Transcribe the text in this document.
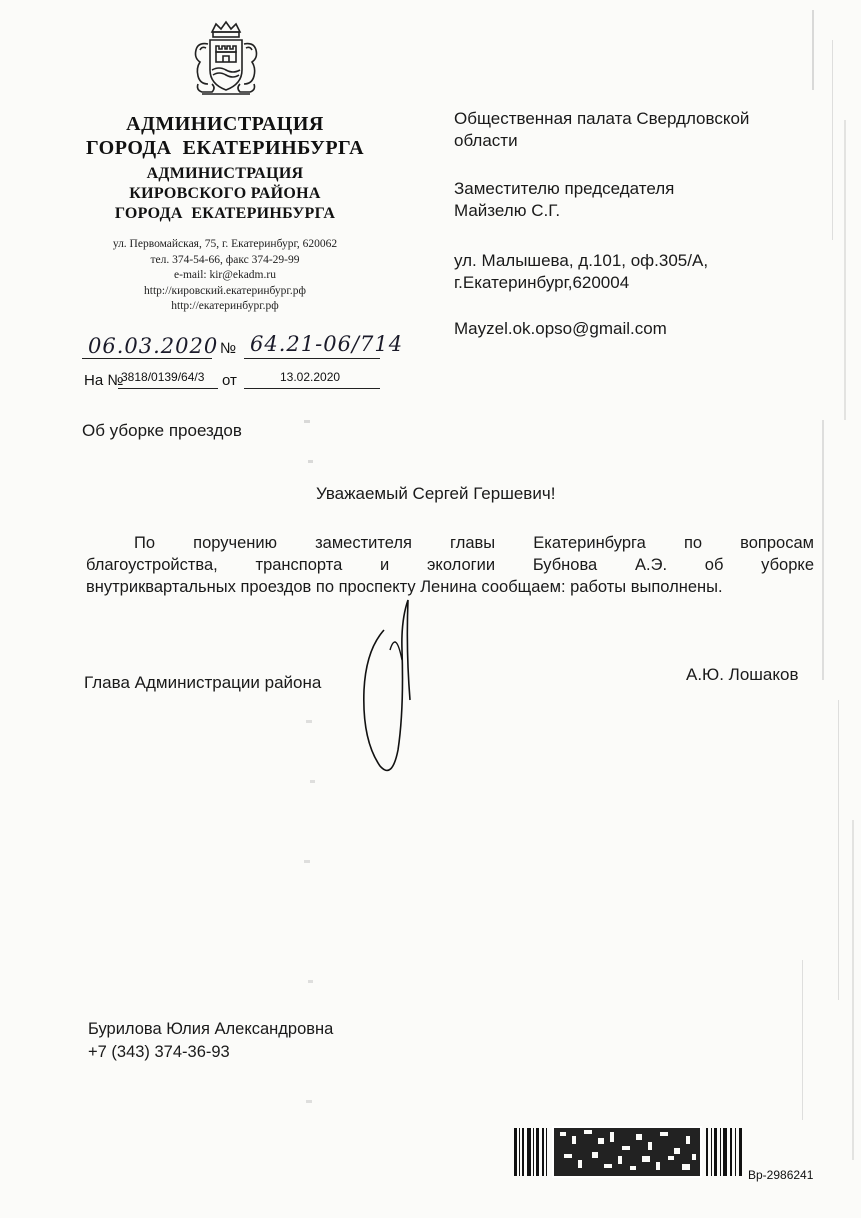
АДМИНИСТРАЦИЯ
ГОРОДА  ЕКАТЕРИНБУРГА
АДМИНИСТРАЦИЯ
КИРОВСКОГО РАЙОНА
ГОРОДА  ЕКАТЕРИНБУРГА
ул. Первомайская, 75, г. Екатеринбург, 620062
тел. 374-54-66, факс 374-29-99
e-mail: kir@ekadm.ru
http://кировский.екатеринбург.рф
http://екатеринбург.рф
Общественная палата Свердловской
области
Заместителю председателя
Майзелю С.Г.
ул. Малышева, д.101, оф.305/А,
г.Екатеринбург,620004
Mayzel.ok.opso@gmail.com
06.03.2020 № 64.21-06/714
На №
3818/0139/64/3 от	13.02.2020
Об уборке проездов
Уважаемый Сергей Гершевич!
По поручению заместителя главы Екатеринбурга по вопросам
благоустройства, транспорта и экологии Бубнова А.Э. об уборке
внутриквартальных проездов по проспекту Ленина сообщаем: работы выполнены.
Глава Администрации района	А.Ю. Лошаков
Бурилова Юлия Александровна
+7 (343) 374-36-93
Вр-2986241
